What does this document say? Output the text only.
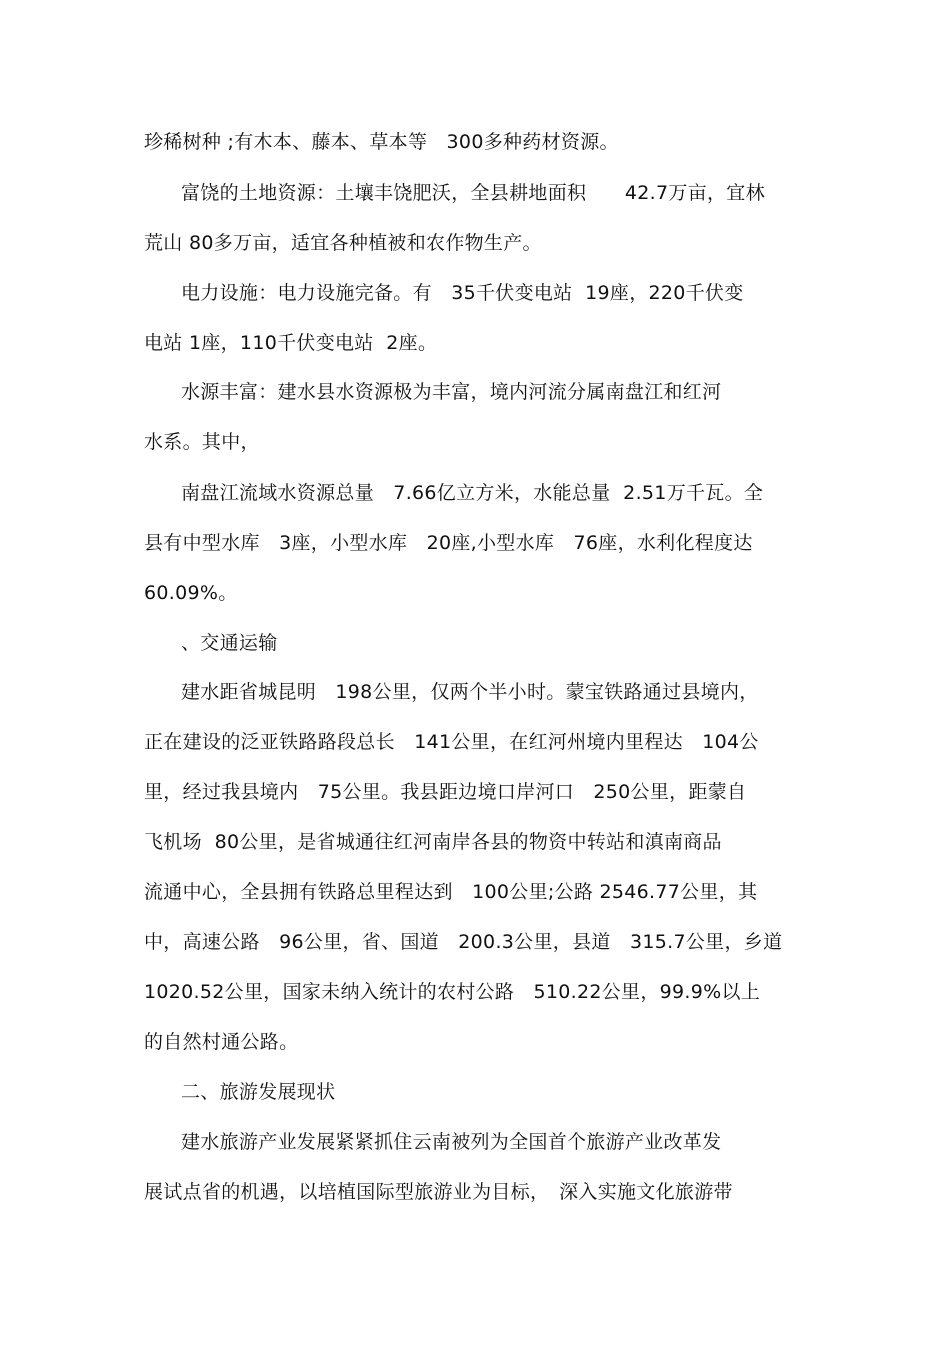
珍稀树种 ;有木本、藤本、草本等　300多种药材资源。
富饶的土地资源：土壤丰饶肥沃，全县耕地面积　　42.7万亩，宜林
荒山 80多万亩，适宜各种植被和农作物生产。
电力设施：电力设施完备。有　35千伏变电站  19座，220千伏变
电站 1座，110千伏变电站  2座。
水源丰富：建水县水资源极为丰富，境内河流分属南盘江和红河
水系。其中，
南盘江流域水资源总量　7.66亿立方米，水能总量  2.51万千瓦。全
县有中型水库　3座，小型水库　20座,小型水库　76座，水利化程度达
60.09%。
、交通运输
建水距省城昆明　198公里，仅两个半小时。蒙宝铁路通过县境内，
正在建设的泛亚铁路路段总长　141公里，在红河州境内里程达　104公
里，经过我县境内　75公里。我县距边境口岸河口　250公里，距蒙自
飞机场  80公里，是省城通往红河南岸各县的物资中转站和滇南商品
流通中心，全县拥有铁路总里程达到　100公里;公路 2546.77公里，其
中，高速公路　96公里，省、国道　200.3公里，县道　315.7公里，乡道
1020.52公里，国家未纳入统计的农村公路　510.22公里，99.9%以上
的自然村通公路。
二、旅游发展现状
建水旅游产业发展紧紧抓住云南被列为全国首个旅游产业改革发
展试点省的机遇，以培植国际型旅游业为目标，　深入实施文化旅游带
